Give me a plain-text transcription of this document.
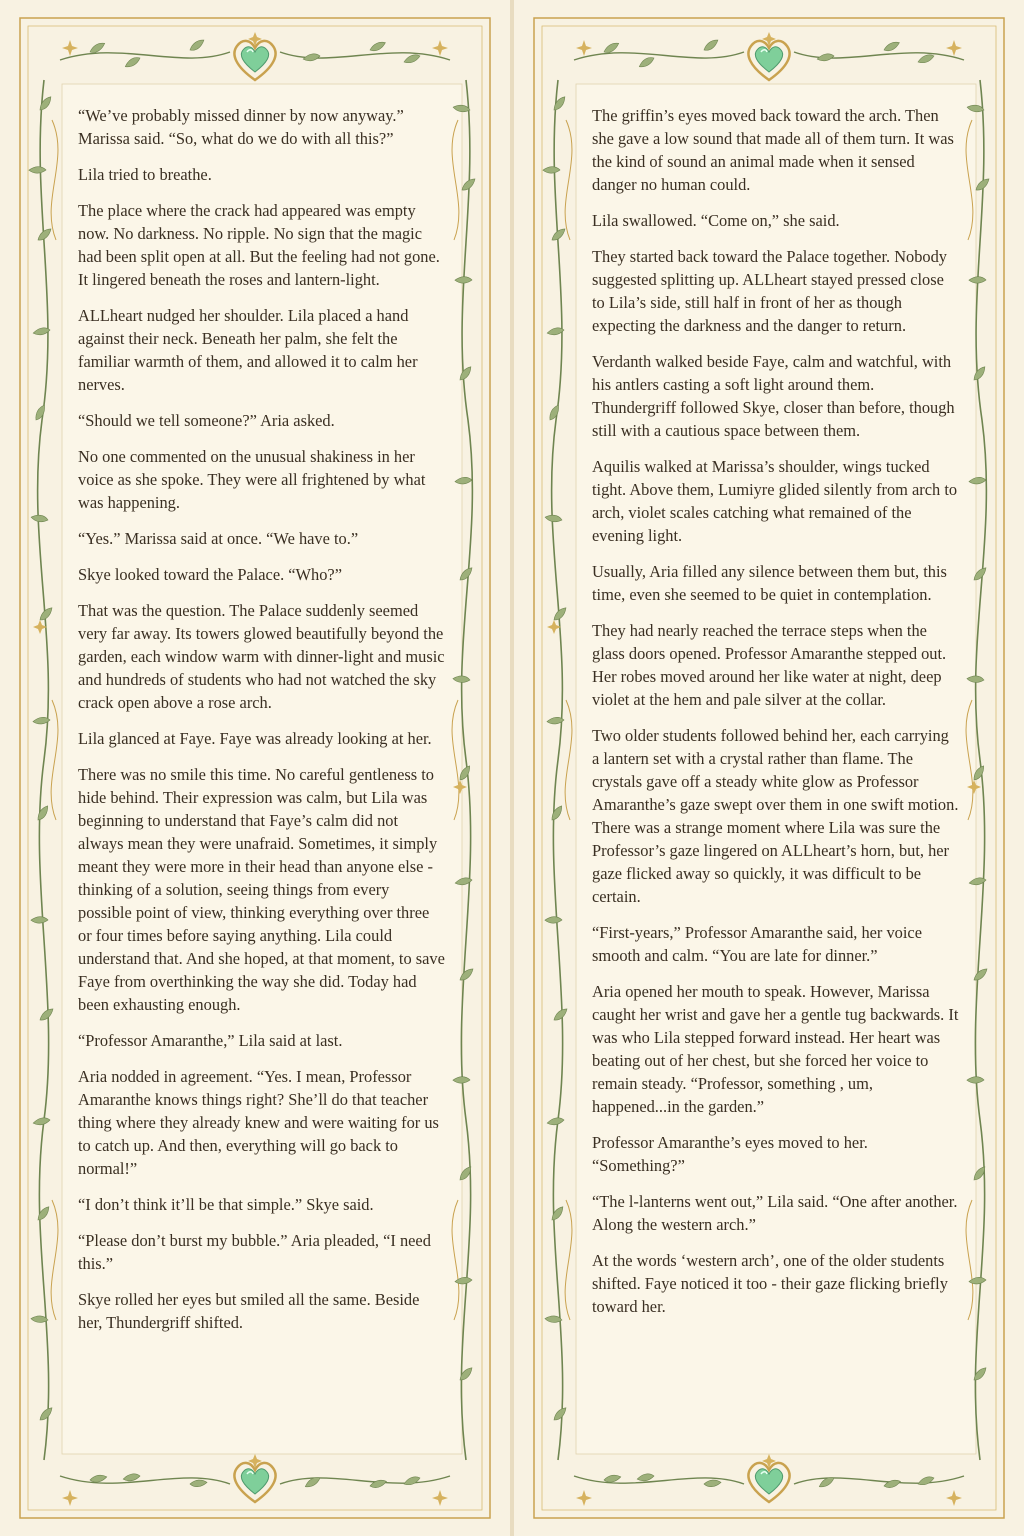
“We’ve probably missed dinner by now anyway.” Marissa said. “So, what do we do with all this?”

Lila tried to breathe.

The place where the crack had appeared was empty now. No darkness. No ripple. No sign that the magic had been split open at all. But the feeling had not gone. It lingered beneath the roses and lantern-light.

ALLheart nudged her shoulder. Lila placed a hand against their neck. Beneath her palm, she felt the familiar warmth of them, and allowed it to calm her nerves.

“Should we tell someone?” Aria asked.

No one commented on the unusual shakiness in her voice as she spoke. They were all frightened by what was happening.

“Yes.” Marissa said at once. “We have to.”

Skye looked toward the Palace. “Who?”

That was the question. The Palace suddenly seemed very far away. Its towers glowed beautifully beyond the garden, each window warm with dinner-light and music and hundreds of students who had not watched the sky crack open above a rose arch.

Lila glanced at Faye. Faye was already looking at her.

There was no smile this time. No careful gentleness to hide behind. Their expression was calm, but Lila was beginning to understand that Faye’s calm did not always mean they were unafraid. Sometimes, it simply meant they were more in their head than anyone else - thinking of a solution, seeing things from every possible point of view, thinking everything over three or four times before saying anything. Lila could understand that. And she hoped, at that moment, to save Faye from overthinking the way she did. Today had been exhausting enough.

“Professor Amaranthe,” Lila said at last.

Aria nodded in agreement. “Yes. I mean, Professor Amaranthe knows things right? She’ll do that teacher thing where they already knew and were waiting for us to catch up. And then, everything will go back to normal!”

“I don’t think it’ll be that simple.” Skye said.

“Please don’t burst my bubble.” Aria pleaded, “I need this.”

Skye rolled her eyes but smiled all the same. Beside her, Thundergriff shifted.

The griffin’s eyes moved back toward the arch. Then she gave a low sound that made all of them turn. It was the kind of sound an animal made when it sensed danger no human could.

Lila swallowed. “Come on,” she said.

They started back toward the Palace together. Nobody suggested splitting up. ALLheart stayed pressed close to Lila’s side, still half in front of her as though expecting the darkness and the danger to return.

Verdanth walked beside Faye, calm and watchful, with his antlers casting a soft light around them. Thundergriff followed Skye, closer than before, though still with a cautious space between them.

Aquilis walked at Marissa’s shoulder, wings tucked tight. Above them, Lumiyre glided silently from arch to arch, violet scales catching what remained of the evening light.

Usually, Aria filled any silence between them but, this time, even she seemed to be quiet in contemplation.

They had nearly reached the terrace steps when the glass doors opened. Professor Amaranthe stepped out. Her robes moved around her like water at night, deep violet at the hem and pale silver at the collar.

Two older students followed behind her, each carrying a lantern set with a crystal rather than flame. The crystals gave off a steady white glow as Professor Amaranthe’s gaze swept over them in one swift motion. There was a strange moment where Lila was sure the Professor’s gaze lingered on ALLheart’s horn, but, her gaze flicked away so quickly, it was difficult to be certain.

“First-years,” Professor Amaranthe said, her voice smooth and calm. “You are late for dinner.”

Aria opened her mouth to speak. However, Marissa caught her wrist and gave her a gentle tug backwards. It was who Lila stepped forward instead. Her heart was beating out of her chest, but she forced her voice to remain steady. “Professor, something , um, happened...in the garden.”

Professor Amaranthe’s eyes moved to her. “Something?”

“The l-lanterns went out,” Lila said. “One after another. Along the western arch.”

At the words ‘western arch’, one of the older students shifted. Faye noticed it too - their gaze flicking briefly toward her.
